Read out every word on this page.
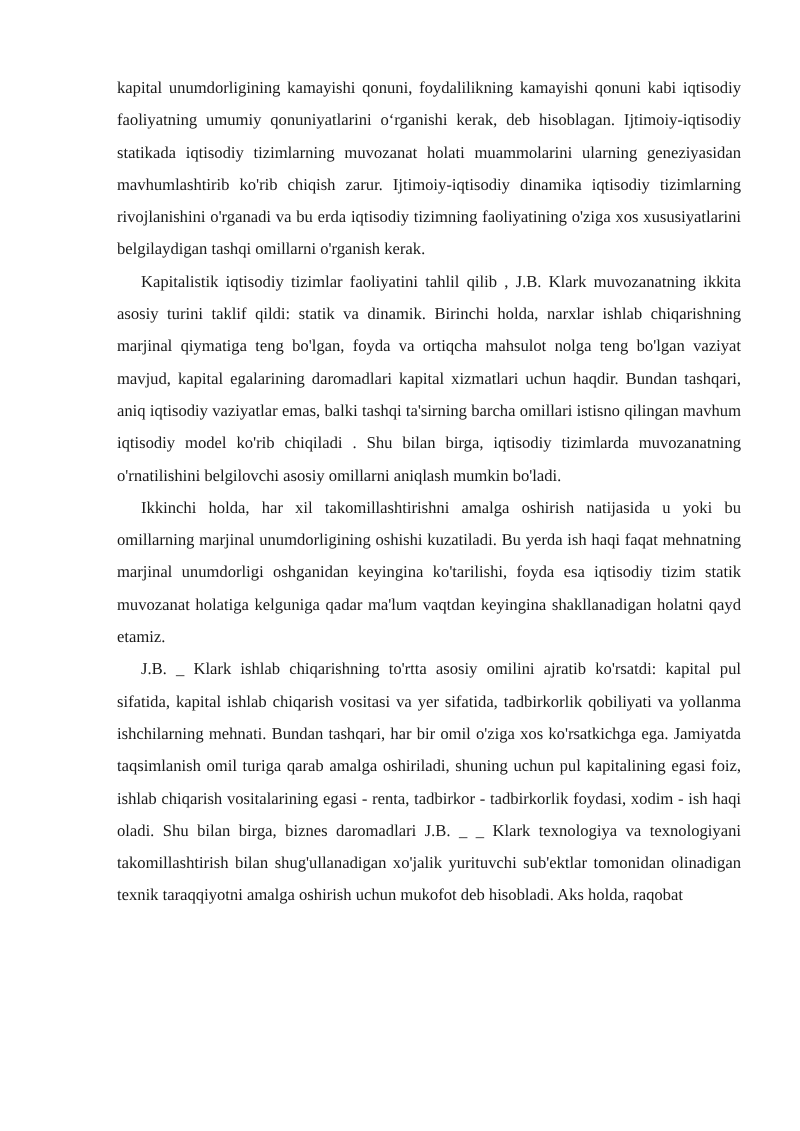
kapital unumdorligining kamayishi qonuni, foydalilikning kamayishi qonuni kabi iqtisodiy faoliyatning umumiy qonuniyatlarini oʻrganishi kerak, deb hisoblagan. Ijtimoiy-iqtisodiy statikada iqtisodiy tizimlarning muvozanat holati muammolarini ularning geneziyasidan mavhumlashtirib ko'rib chiqish zarur. Ijtimoiy-iqtisodiy dinamika iqtisodiy tizimlarning rivojlanishini o'rganadi va bu erda iqtisodiy tizimning faoliyatining o'ziga xos xususiyatlarini belgilaydigan tashqi omillarni o'rganish kerak.

Kapitalistik iqtisodiy tizimlar faoliyatini tahlil qilib , J.B. Klark muvozanatning ikkita asosiy turini taklif qildi: statik va dinamik. Birinchi holda, narxlar ishlab chiqarishning marjinal qiymatiga teng bo'lgan, foyda va ortiqcha mahsulot nolga teng bo'lgan vaziyat mavjud, kapital egalarining daromadlari kapital xizmatlari uchun haqdir. Bundan tashqari, aniq iqtisodiy vaziyatlar emas, balki tashqi ta'sirning barcha omillari istisno qilingan mavhum iqtisodiy model ko'rib chiqiladi . Shu bilan birga, iqtisodiy tizimlarda muvozanatning o'rnatilishini belgilovchi asosiy omillarni aniqlash mumkin bo'ladi.

Ikkinchi holda, har xil takomillashtirishni amalga oshirish natijasida u yoki bu omillarning marjinal unumdorligining oshishi kuzatiladi. Bu yerda ish haqi faqat mehnatning marjinal unumdorligi oshganidan keyingina ko'tarilishi, foyda esa iqtisodiy tizim statik muvozanat holatiga kelguniga qadar ma'lum vaqtdan keyingina shakllanadigan holatni qayd etamiz.

J.B. _ Klark ishlab chiqarishning to'rtta asosiy omilini ajratib ko'rsatdi: kapital pul sifatida, kapital ishlab chiqarish vositasi va yer sifatida, tadbirkorlik qobiliyati va yollanma ishchilarning mehnati. Bundan tashqari, har bir omil o'ziga xos ko'rsatkichga ega. Jamiyatda taqsimlanish omil turiga qarab amalga oshiriladi, shuning uchun pul kapitalining egasi foiz, ishlab chiqarish vositalarining egasi - renta, tadbirkor - tadbirkorlik foydasi, xodim - ish haqi oladi. Shu bilan birga, biznes daromadlari J.B. _ _ Klark texnologiya va texnologiyani takomillashtirish bilan shug'ullanadigan xo'jalik yurituvchi sub'ektlar tomonidan olinadigan texnik taraqqiyotni amalga oshirish uchun mukofot deb hisobladi. Aks holda, raqobat
